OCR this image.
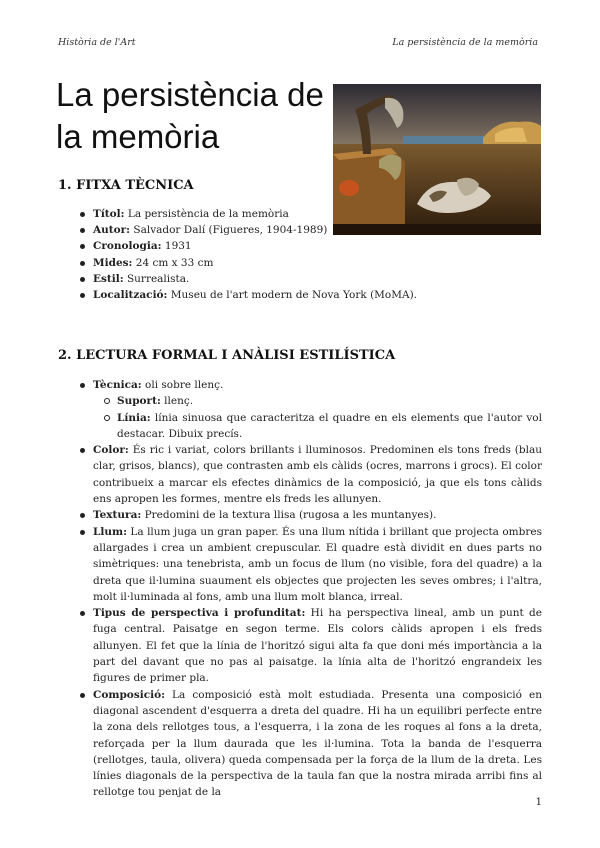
Història de l'Art	La persistència de la memòria
La persistència de
la memòria
1. FITXA TÈCNICA
Títol: La persistència de la memòria
Autor: Salvador Dalí (Figueres, 1904-1989)
Cronologia: 1931
Mides: 24 cm x 33 cm
Estil: Surrealista.
Localització: Museu de l'art modern de Nova York (MoMA).
2. LECTURA FORMAL I ANÀLISI ESTILÍSTICA
Tècnica: oli sobre llenç.
Suport: llenç.
Línia: línia sinuosa que caracteritza el quadre en els elements que l'autor vol destacar. Dibuix precís.
Color: És ric i variat, colors brillants i lluminosos. Predominen els tons freds (blau clar, grisos, blancs), que contrasten amb els càlids (ocres, marrons i grocs). El color contribueix a marcar els efectes dinàmics de la composició, ja que els tons càlids ens apropen les formes, mentre els freds les allunyen.
Textura: Predomini de la textura llisa (rugosa a les muntanyes).
Llum: La llum juga un gran paper. És una llum nítida i brillant que projecta ombres allargades i crea un ambient crepuscular. El quadre està dividit en dues parts no simètriques: una tenebrista, amb un focus de llum (no visible, fora del quadre) a la dreta que il·lumina suaument els objectes que projecten les seves ombres; i l'altra, molt il·luminada al fons, amb una llum molt blanca, irreal.
Tipus de perspectiva i profunditat: Hi ha perspectiva lineal, amb un punt de fuga central. Paisatge en segon terme. Els colors càlids apropen i els freds allunyen. El fet que la línia de l'horitzó sigui alta fa que doni més importància a la part del davant que no pas al paisatge. la línia alta de l'horitzó engrandeix les figures de primer pla.
Composició: La composició està molt estudiada. Presenta una composició en diagonal ascendent d'esquerra a dreta del quadre. Hi ha un equilibri perfecte entre la zona dels rellotges tous, a l'esquerra, i la zona de les roques al fons a la dreta, reforçada per la llum daurada que les il·lumina. Tota la banda de l'esquerra (rellotges, taula, olivera) queda compensada per la força de la llum de la dreta. Les línies diagonals de la perspectiva de la taula fan que la nostra mirada arribi fins al rellotge tou penjat de la
1
